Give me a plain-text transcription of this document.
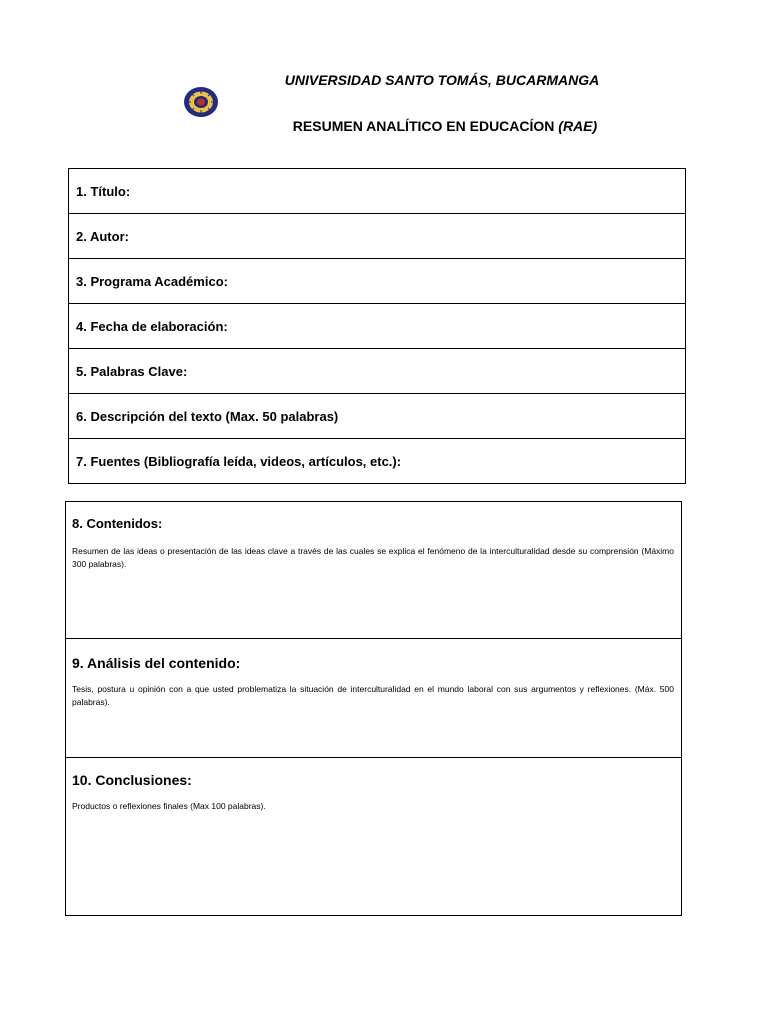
UNIVERSIDAD SANTO TOMÁS, BUCARMANGA
RESUMEN ANALÍTICO EN EDUCACÍON (RAE)
1. Título:
2. Autor:
3. Programa Académico:
4. Fecha de elaboración:
5. Palabras Clave:
6. Descripción del texto (Max. 50 palabras)
7. Fuentes (Bibliografía leída, videos, artículos, etc.):
8. Contenidos:
Resumen de las ideas o presentación de las ideas clave a través de las cuales se explica el fenómeno de la interculturalidad desde su comprensión (Máximo 300 palabras).
9. Análisis del contenido:
Tesis, postura u opinión con a que usted problematiza la situación de interculturalidad en el mundo laboral con sus argumentos y reflexiones. (Máx. 500 palabras).
10. Conclusiones:
Productos o reflexiones finales (Max 100 palabras).
